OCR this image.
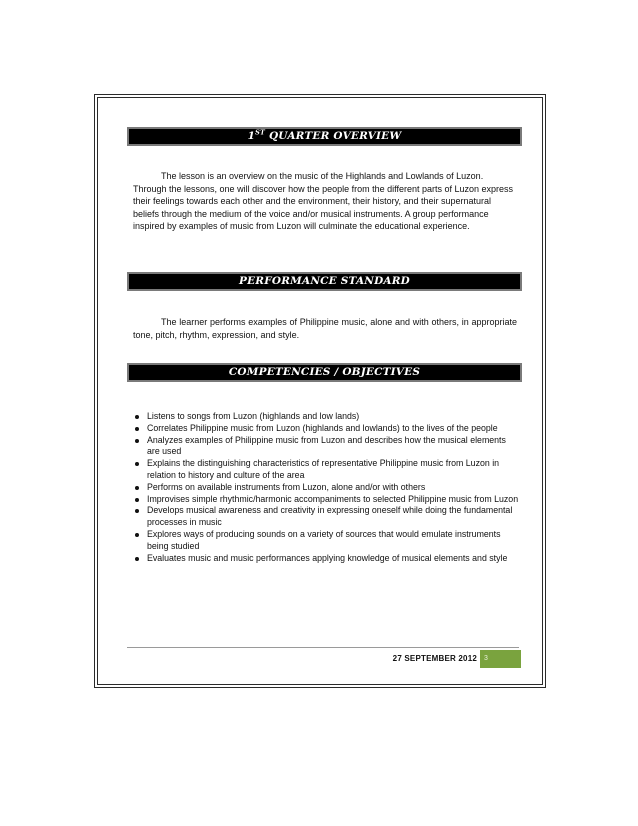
1ST QUARTER OVERVIEW

The lesson is an overview on the music of the Highlands and Lowlands of Luzon. Through the lessons, one will discover how the people from the different parts of Luzon express their feelings towards each other and the environment, their history, and their supernatural beliefs through the medium of the voice and/or musical instruments. A group performance inspired by examples of music from Luzon will culminate the educational experience.

PERFORMANCE STANDARD

The learner performs examples of Philippine music, alone and with others, in appropriate tone, pitch, rhythm, expression, and style.

COMPETENCIES / OBJECTIVES
Listens to songs from Luzon (highlands and low lands)
Correlates Philippine music from Luzon (highlands and lowlands) to the lives of the people
Analyzes examples of Philippine music from Luzon and describes how the musical elements are used
Explains the distinguishing characteristics of representative Philippine music from Luzon in relation to history and culture of the area
Performs on available instruments from Luzon, alone and/or with others
Improvises simple rhythmic/harmonic accompaniments to selected Philippine music from Luzon
Develops musical awareness and creativity in expressing oneself while doing the fundamental processes in music
Explores ways of producing sounds on a variety of sources that would emulate instruments being studied
Evaluates music and music performances applying knowledge of musical elements and style
27 SEPTEMBER 2012	3
